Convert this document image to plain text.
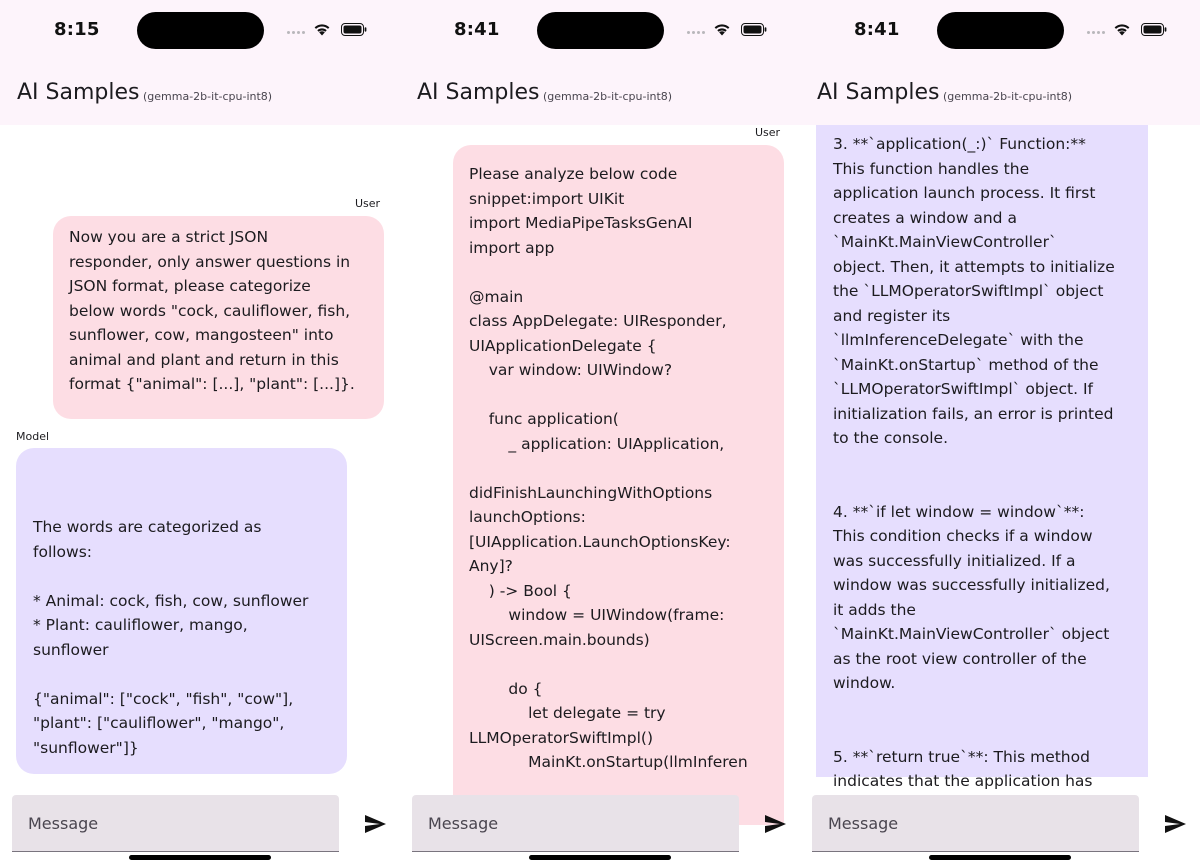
8:15
AI Samples (gemma-2b-it-cpu-int8)
User
Now you are a strict JSON
responder, only answer questions in
JSON format, please categorize
below words "cock, cauliflower, fish,
sunflower, cow, mangosteen" into
animal and plant and return in this
format {"animal": [...], "plant": [...]}.
Model
The words are categorized as
follows:

* Animal: cock, fish, cow, sunflower
* Plant: cauliflower, mango,
sunflower

{"animal": ["cock", "fish", "cow"],
"plant": ["cauliflower", "mango",
"sunflower"]}
Message
8:41
AI Samples (gemma-2b-it-cpu-int8)
User
Please analyze below code
snippet:import UIKit
import MediaPipeTasksGenAI
import app

@main
class AppDelegate: UIResponder,
UIApplicationDelegate {
var window: UIWindow?

func application(
_ application: UIApplication,

didFinishLaunchingWithOptions
launchOptions:
[UIApplication.LaunchOptionsKey:
Any]?
) -> Bool {
window = UIWindow(frame:
UIScreen.main.bounds)

do {
let delegate = try
LLMOperatorSwiftImpl()
MainKt.onStartup(llmInferen
Message
8:41
AI Samples (gemma-2b-it-cpu-int8)
3. **`application(_:)` Function:**
This function handles the
application launch process. It first
creates a window and a
`MainKt.MainViewController`
object. Then, it attempts to initialize
the `LLMOperatorSwiftImpl` object
and register its
`llmInferenceDelegate` with the
`MainKt.onStartup` method of the
`LLMOperatorSwiftImpl` object. If
initialization fails, an error is printed
to the console.

4. **`if let window = window`**:
This condition checks if a window
was successfully initialized. If a
window was successfully initialized,
it adds the
`MainKt.MainViewController` object
as the root view controller of the
window.

5. **`return true`**: This method
indicates that the application has
Message
